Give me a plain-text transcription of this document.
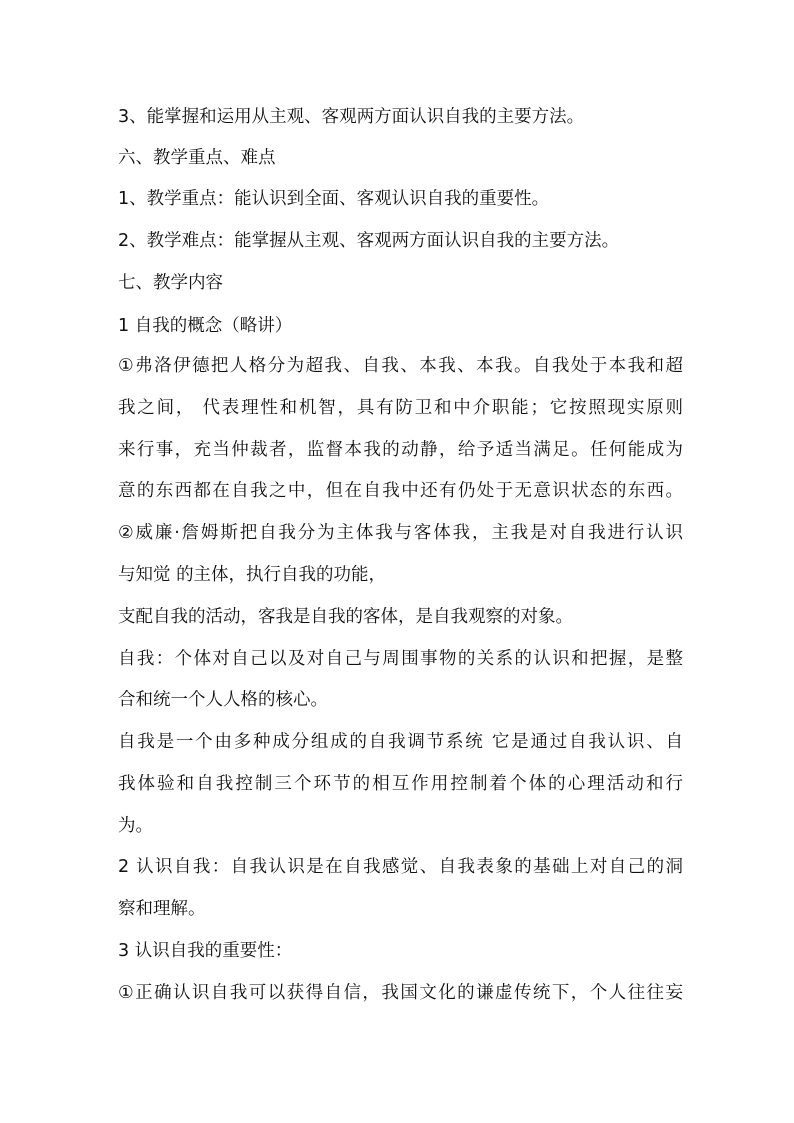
3、能掌握和运用从主观、客观两方面认识自我的主要方法。

六、教学重点、难点

1、教学重点：能认识到全面、客观认识自我的重要性。

2、教学难点：能掌握从主观、客观两方面认识自我的主要方法。

七、教学内容

1 自我的概念（略讲）

①弗洛伊德把人格分为超我、自我、本我、本我。自我处于本我和超

我之间， 代表理性和机智，具有防卫和中介职能；它按照现实原则

来行事，充当仲裁者，监督本我的动静，给予适当满足。任何能成为

意的东西都在自我之中，但在自我中还有仍处于无意识状态的东西。

②威廉·詹姆斯把自我分为主体我与客体我，主我是对自我进行认识

与知觉 的主体，执行自我的功能，

支配自我的活动，客我是自我的客体，是自我观察的对象。

自我：个体对自己以及对自己与周围事物的关系的认识和把握，是整

合和统一个人人格的核心。

自我是一个由多种成分组成的自我调节系统 它是通过自我认识、自

我体验和自我控制三个环节的相互作用控制着个体的心理活动和行

为。

2 认识自我：自我认识是在自我感觉、自我表象的基础上对自己的洞

察和理解。

3 认识自我的重要性：

①正确认识自我可以获得自信，我国文化的谦虚传统下，个人往往妄
